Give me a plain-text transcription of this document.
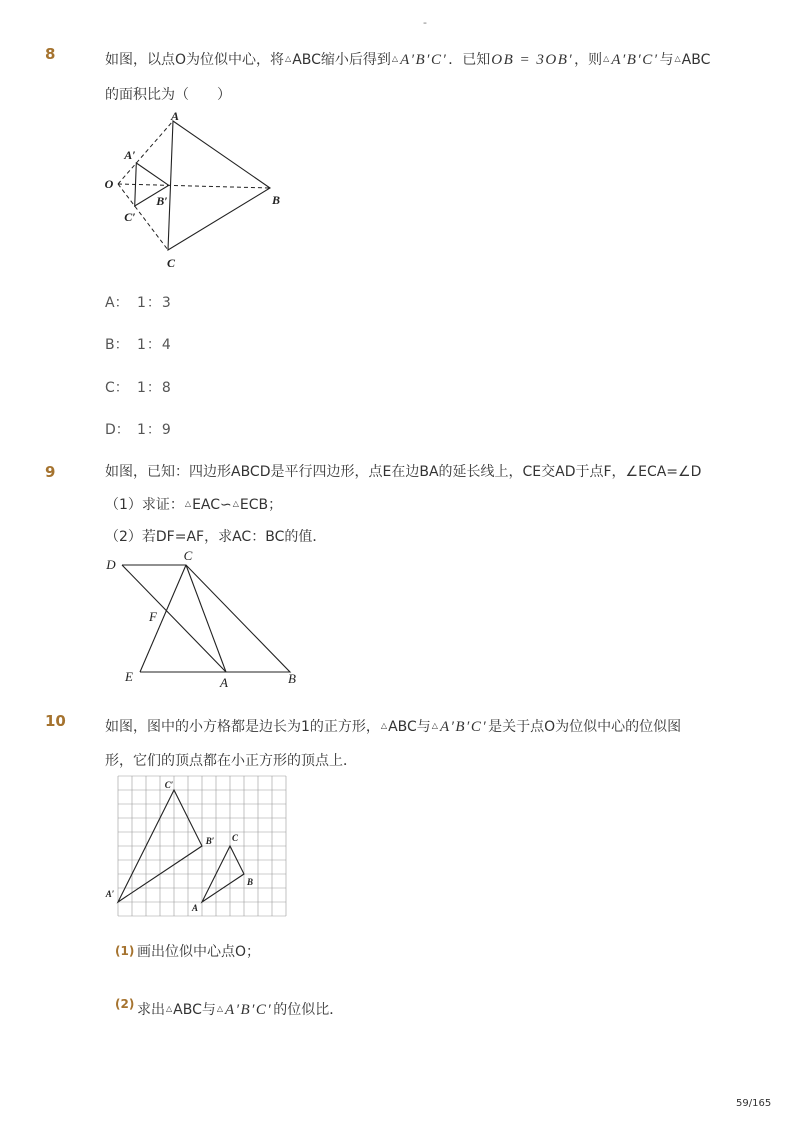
-
8	如图，以点O为位似中心，将 △ ABC缩小后得到 △ A′B′C′ ．已知 OB = 3OB′ ，则 △ A′B′C′ 与 △ ABC
的面积比为（　　）
A
A′
O
B′	B
C′
C
A： 1：3
B： 1：4
C： 1：8
D： 1：9
9	如图，已知：四边形ABCD是平行四边形，点E在边BA的延长线上，CE交AD于点F，∠ECA=∠D
（1）求证： △ EAC∽ △ ECB；
（2）若DF=AF，求AC：BC的值．
D
C
F
E	A	B
10	如图，图中的小方格都是边长为1的正方形， △ ABC与 △ A′B′C′ 是关于点O为位似中心的位似图
形，它们的顶点都在小正方形的顶点上．
C′
B′ C
B
A′
A
(1) 画出位似中心点O；
(2) 求出 △ ABC与 △ A′B′C′ 的位似比．
59/165
